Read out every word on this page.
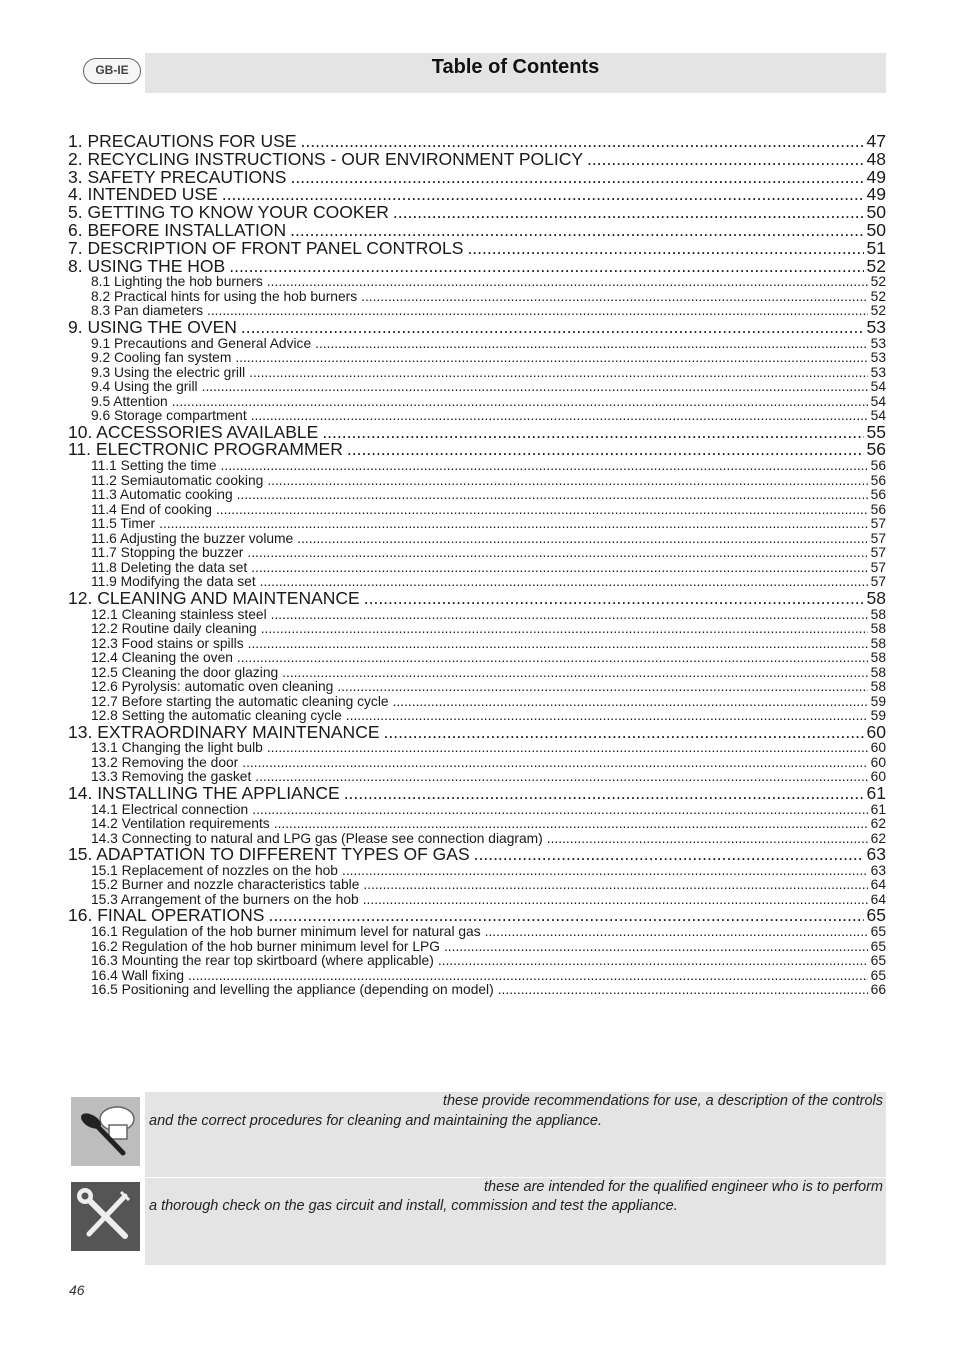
GB-IE	Table of Contents
1. PRECAUTIONS FOR USE .....	47
2. RECYCLING INSTRUCTIONS - OUR ENVIRONMENT POLICY .....	48
3. SAFETY PRECAUTIONS .....	49
4. INTENDED USE .....	49
5. GETTING TO KNOW YOUR COOKER .....	50
6. BEFORE INSTALLATION .....	50
7. DESCRIPTION OF FRONT PANEL CONTROLS .....	51
8. USING THE HOB .....	52
8.1 Lighting the hob burners .....	52
8.2 Practical hints for using the hob burners .....	52
8.3 Pan diameters .....	52
9. USING THE OVEN .....	53
9.1 Precautions and General Advice .....	53
9.2 Cooling fan system .....	53
9.3 Using the electric grill .....	53
9.4 Using the grill .....	54
9.5 Attention .....	54
9.6 Storage compartment .....	54
10. ACCESSORIES AVAILABLE .....	55
11. ELECTRONIC PROGRAMMER .....	56
11.1 Setting the time .....	56
11.2 Semiautomatic cooking .....	56
11.3 Automatic cooking .....	56
11.4 End of cooking .....	56
11.5 Timer .....	57
11.6 Adjusting the buzzer volume .....	57
11.7 Stopping the buzzer .....	57
11.8 Deleting the data set .....	57
11.9 Modifying the data set .....	57
12. CLEANING AND MAINTENANCE .....	58
12.1 Cleaning stainless steel .....	58
12.2 Routine daily cleaning .....	58
12.3 Food stains or spills .....	58
12.4 Cleaning the oven .....	58
12.5 Cleaning the door glazing .....	58
12.6 Pyrolysis: automatic oven cleaning .....	58
12.7 Before starting the automatic cleaning cycle .....	59
12.8 Setting the automatic cleaning cycle .....	59
13. EXTRAORDINARY MAINTENANCE .....	60
13.1 Changing the light bulb .....	60
13.2 Removing the door .....	60
13.3 Removing the gasket .....	60
14. INSTALLING THE APPLIANCE .....	61
14.1 Electrical connection .....	61
14.2 Ventilation requirements .....	62
14.3 Connecting to natural and LPG gas (Please see connection diagram) .....	62
15. ADAPTATION TO DIFFERENT TYPES OF GAS .....	63
15.1 Replacement of nozzles on the hob .....	63
15.2 Burner and nozzle characteristics table .....	64
15.3 Arrangement of the burners on the hob .....	64
16. FINAL OPERATIONS .....	65
16.1 Regulation of the hob burner minimum level for natural gas .....	65
16.2 Regulation of the hob burner minimum level for LPG .....	65
16.3 Mounting the rear top skirtboard (where applicable) .....	65
16.4 Wall fixing .....	65
16.5 Positioning and levelling the appliance (depending on model) .....	66
these provide recommendations for use, a description of the controls
and the correct procedures for cleaning and maintaining the appliance.
these are intended for the qualified engineer who is to perform
a thorough check on the gas circuit and install, commission and test the appliance.
46
